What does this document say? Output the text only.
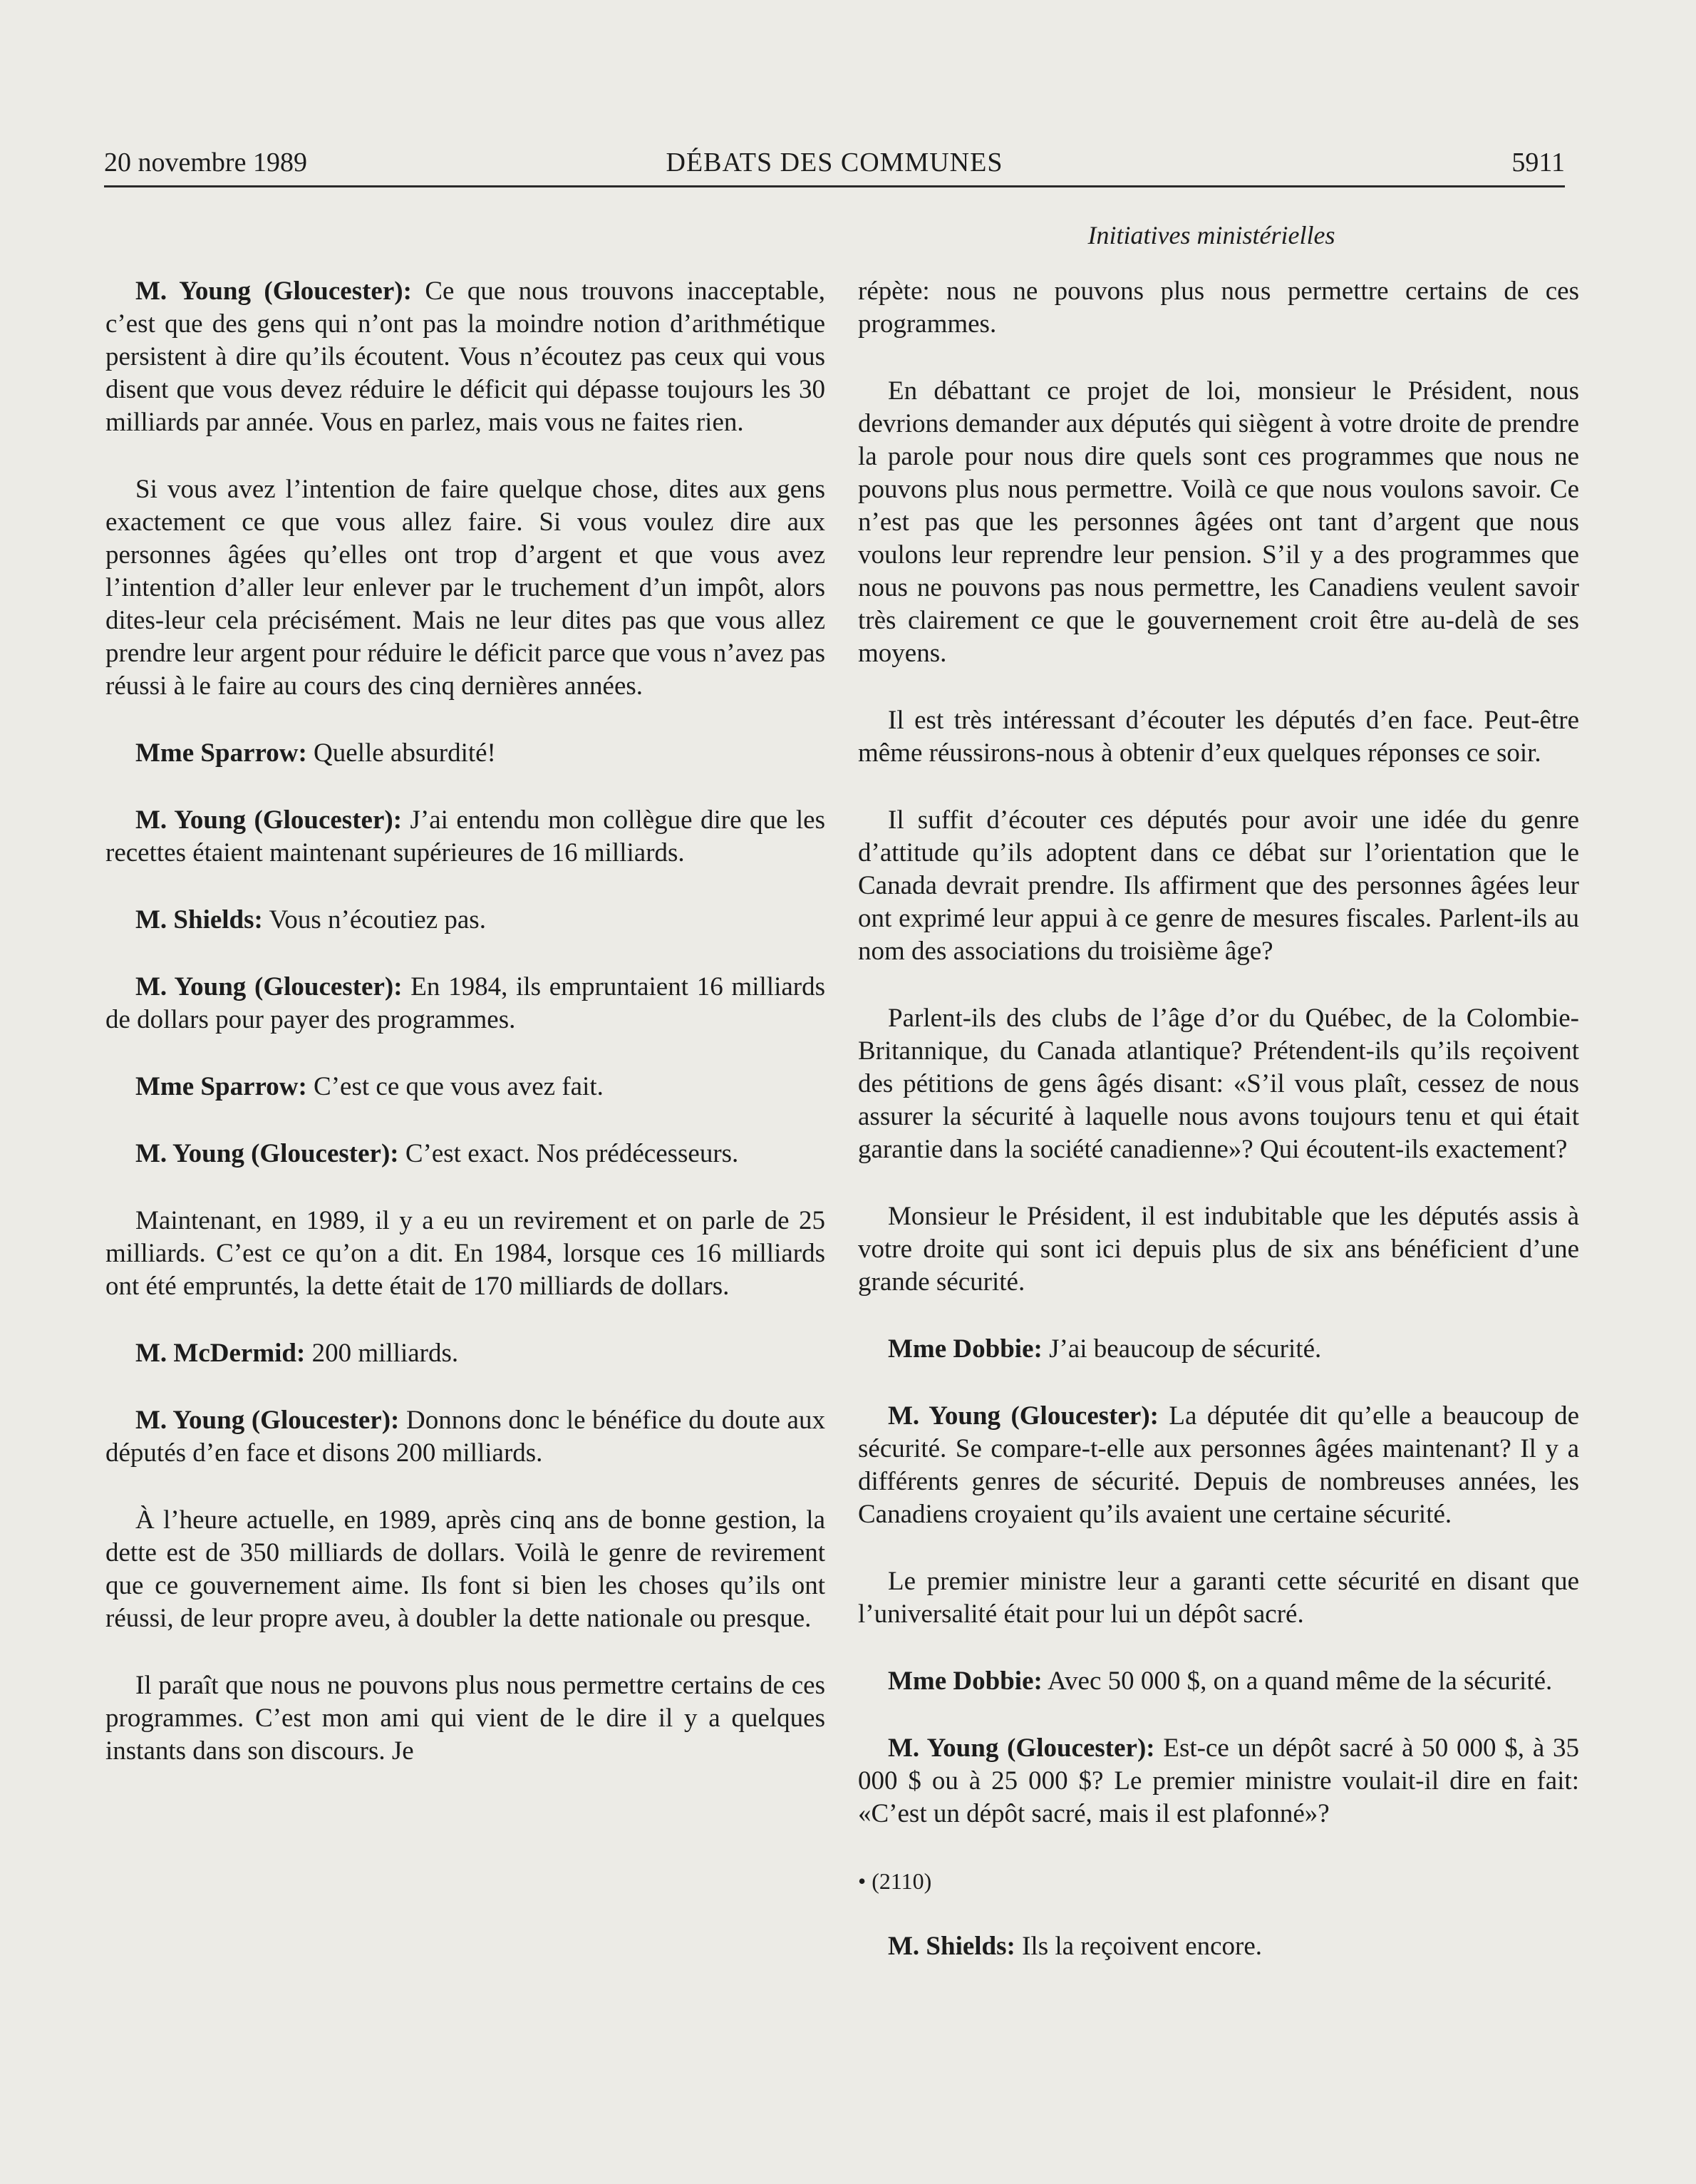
20 novembre 1989	DÉBATS DES COMMUNES	5911
Initiatives ministérielles

M. Young (Gloucester): Ce que nous trouvons inacceptable, c’est que des gens qui n’ont pas la moindre notion d’arithmétique persistent à dire qu’ils écoutent. Vous n’écoutez pas ceux qui vous disent que vous devez réduire le déficit qui dépasse toujours les 30 milliards par année. Vous en parlez, mais vous ne faites rien.

Si vous avez l’intention de faire quelque chose, dites aux gens exactement ce que vous allez faire. Si vous voulez dire aux personnes âgées qu’elles ont trop d’argent et que vous avez l’intention d’aller leur enlever par le truchement d’un impôt, alors dites-leur cela précisément. Mais ne leur dites pas que vous allez prendre leur argent pour réduire le déficit parce que vous n’avez pas réussi à le faire au cours des cinq dernières années.

Mme Sparrow: Quelle absurdité!

M. Young (Gloucester): J’ai entendu mon collègue dire que les recettes étaient maintenant supérieures de 16 milliards.

M. Shields: Vous n’écoutiez pas.

M. Young (Gloucester): En 1984, ils empruntaient 16 milliards de dollars pour payer des programmes.

Mme Sparrow: C’est ce que vous avez fait.

M. Young (Gloucester): C’est exact. Nos prédécesseurs.

Maintenant, en 1989, il y a eu un revirement et on parle de 25 milliards. C’est ce qu’on a dit. En 1984, lorsque ces 16 milliards ont été empruntés, la dette était de 170 milliards de dollars.

M. McDermid: 200 milliards.

M. Young (Gloucester): Donnons donc le bénéfice du doute aux députés d’en face et disons 200 milliards.

À l’heure actuelle, en 1989, après cinq ans de bonne gestion, la dette est de 350 milliards de dollars. Voilà le genre de revirement que ce gouvernement aime. Ils font si bien les choses qu’ils ont réussi, de leur propre aveu, à doubler la dette nationale ou presque.

Il paraît que nous ne pouvons plus nous permettre certains de ces programmes. C’est mon ami qui vient de le dire il y a quelques instants dans son discours. Je

répète: nous ne pouvons plus nous permettre certains de ces programmes.

En débattant ce projet de loi, monsieur le Président, nous devrions demander aux députés qui siègent à votre droite de prendre la parole pour nous dire quels sont ces programmes que nous ne pouvons plus nous permettre. Voilà ce que nous voulons savoir. Ce n’est pas que les personnes âgées ont tant d’argent que nous voulons leur reprendre leur pension. S’il y a des programmes que nous ne pouvons pas nous permettre, les Canadiens veulent savoir très clairement ce que le gouvernement croit être au-delà de ses moyens.

Il est très intéressant d’écouter les députés d’en face. Peut-être même réussirons-nous à obtenir d’eux quelques réponses ce soir.

Il suffit d’écouter ces députés pour avoir une idée du genre d’attitude qu’ils adoptent dans ce débat sur l’orientation que le Canada devrait prendre. Ils affirment que des personnes âgées leur ont exprimé leur appui à ce genre de mesures fiscales. Parlent-ils au nom des associations du troisième âge?

Parlent-ils des clubs de l’âge d’or du Québec, de la Colombie-Britannique, du Canada atlantique? Prétendent-ils qu’ils reçoivent des pétitions de gens âgés disant: «S’il vous plaît, cessez de nous assurer la sécurité à laquelle nous avons toujours tenu et qui était garantie dans la société canadienne»? Qui écoutent-ils exactement?

Monsieur le Président, il est indubitable que les députés assis à votre droite qui sont ici depuis plus de six ans bénéficient d’une grande sécurité.

Mme Dobbie: J’ai beaucoup de sécurité.

M. Young (Gloucester): La députée dit qu’elle a beaucoup de sécurité. Se compare-t-elle aux personnes âgées maintenant? Il y a différents genres de sécurité. Depuis de nombreuses années, les Canadiens croyaient qu’ils avaient une certaine sécurité.

Le premier ministre leur a garanti cette sécurité en disant que l’universalité était pour lui un dépôt sacré.

Mme Dobbie: Avec 50 000 $, on a quand même de la sécurité.

M. Young (Gloucester): Est-ce un dépôt sacré à 50 000 $, à 35 000 $ ou à 25 000 $? Le premier ministre voulait-il dire en fait: «C’est un dépôt sacré, mais il est plafonné»?

• (2110)

M. Shields: Ils la reçoivent encore.
